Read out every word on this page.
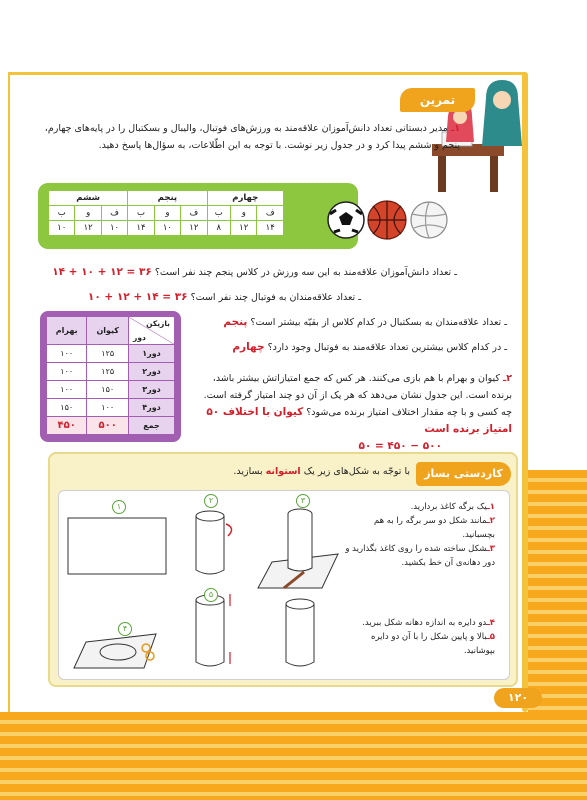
تمرین
۱ـ مدیر دبستانی تعداد دانش‌آموزان علاقه‌مند به ورزش‌های فوتبال، والیبال و بسکتبال را در پایه‌های چهارم، پنجم و ششم پیدا کرد و در جدول زیر نوشت. با توجه به این اطّلاعات، به سؤال‌ها پاسخ دهید.
ششم			پنجم			چهارم		
ب	و	ف	ب	و	ف	ب	و	ف
۱۰	۱۲	۱۰	۱۴	۱۰	۱۲	۸	۱۲	۱۴
ـ تعداد دانش‌آموزان علاقه‌مند به این سه ورزش در کلاس پنجم چند نفر است؟ ۳۶ = ۱۲ + ۱۰ + ۱۴
ـ تعداد علاقه‌مندان به فوتبال چند نفر است؟ ۳۶ = ۱۴ + ۱۲ + ۱۰
ـ تعداد علاقه‌مندان به بسکتبال در کدام کلاس از بقیّه بیشتر است؟ پنجم
ـ در کدام کلاس بیشترین تعداد علاقه‌مند به فوتبال وجود دارد؟ چهارم
بهرام	کیوان	بازیکن
دور

۱۰۰	۱۲۵	دور۱
۱۰۰	۱۲۵	دور۲
۱۰۰	۱۵۰	دور۳
۱۵۰	۱۰۰	دور۴
۴۵۰	۵۰۰	جمع
۲ـ کیوان و بهرام با هم بازی می‌کنند. هر کس که جمع امتیازاتش بیشتر باشد، برنده است. این جدول نشان می‌دهد که هر یک از آن دو چند امتیاز گرفته است. چه کسی و با چه مقدار اختلاف امتیاز برنده می‌شود؟ کیوان با اختلاف ۵۰ امتیاز برنده است
۵۰ = ۴۵۰ − ۵۰۰
کاردستی بساز
با توجّه به شکل‌های زیر یک استوانه بسازید.
۱
۲	۳
۴
۵
۱ـیک برگه کاغذ بردارید.
۲ـمانند شکل دو سر برگه را به هم بچسبانید.
۳ـشکل ساخته شده را روی کاغذ بگذارید و دور دهانه‌ی آن خط بکشید.
۴ـدو دایره به اندازه دهانه شکل ببرید.
۵ـبالا و پایین شکل را با آن دو دایره بپوشانید.
۱۲۰
